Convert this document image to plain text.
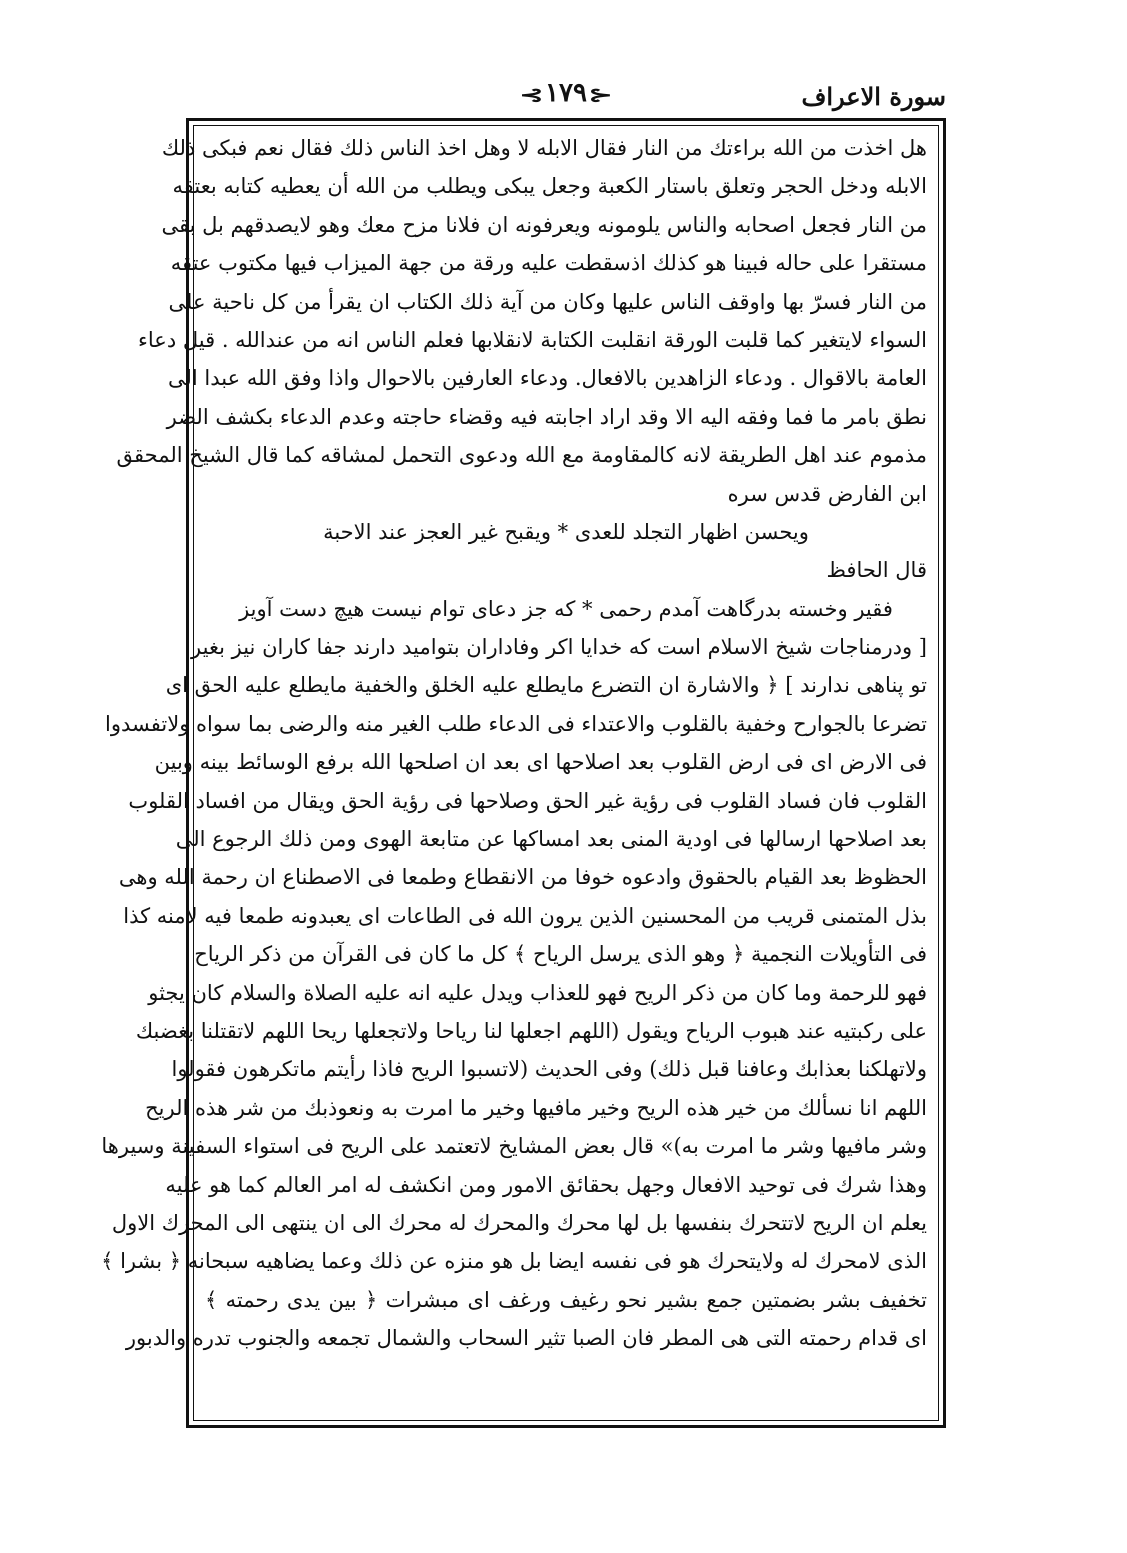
سورة الاعراف
⊰١٧٩⊱
هل اخذت من الله براءتك من النار فقال الابله لا وهل اخذ الناس ذلك فقال نعم فبكى ذلك
الابله ودخل الحجر وتعلق باستار الكعبة وجعل يبكى ويطلب من الله أن يعطيه كتابه بعتقه
من النار فجعل اصحابه والناس يلومونه ويعرفونه ان فلانا مزح معك وهو لايصدقهم بل بقى
مستقرا على حاله فبينا هو كذلك اذسقطت عليه ورقة من جهة الميزاب فيها مكتوب عتقه
من النار فسرّ بها واوقف الناس عليها وكان من آية ذلك الكتاب ان يقرأ من كل ناحية على
السواء لايتغير كما قلبت الورقة انقلبت الكتابة لانقلابها فعلم الناس انه من عندالله . قيل دعاء
العامة بالاقوال . ودعاء الزاهدين بالافعال. ودعاء العارفين بالاحوال واذا وفق الله عبدا الى
نطق بامر ما فما وفقه اليه الا وقد اراد اجابته فيه وقضاء حاجته وعدم الدعاء بكشف الضر
مذموم عند اهل الطريقة لانه كالمقاومة مع الله ودعوى التحمل لمشاقه كما قال الشيخ المحقق
ابن الفارض قدس سره
ويحسن اظهار التجلد للعدى * ويقبح غير العجز عند الاحبة
قال الحافظ
فقير وخسته بدرگاهت آمدم رحمى * كه جز دعاى توام نيست هيچ دست آويز
[ ودرمناجات شيخ الاسلام است كه خدايا اكر وفاداران بتواميد دارند جفا كاران نيز بغير
تو پناهى ندارند ] ﴿ والاشارة ان التضرع مايطلع عليه الخلق والخفية مايطلع عليه الحق اى
تضرعا بالجوارح وخفية بالقلوب والاعتداء فى الدعاء طلب الغير منه والرضى بما سواه ولاتفسدوا
فى الارض اى فى ارض القلوب بعد اصلاحها اى بعد ان اصلحها الله برفع الوسائط بينه وبين
القلوب فان فساد القلوب فى رؤية غير الحق وصلاحها فى رؤية الحق ويقال من افساد القلوب
بعد اصلاحها ارسالها فى اودية المنى بعد امساكها عن متابعة الهوى ومن ذلك الرجوع الى
الحظوظ بعد القيام بالحقوق وادعوه خوفا من الانقطاع وطمعا فى الاصطناع ان رحمة الله وهى
بذل المتمنى قريب من المحسنين الذين يرون الله فى الطاعات اى يعبدونه طمعا فيه لامنه كذا
فى التأويلات النجمية ﴿ وهو الذى يرسل الرياح ﴾ كل ما كان فى القرآن من ذكر الرياح
فهو للرحمة وما كان من ذكر الريح فهو للعذاب ويدل عليه انه عليه الصلاة والسلام كان يجثو
على ركبتيه عند هبوب الرياح ويقول (اللهم اجعلها لنا رياحا ولاتجعلها ريحا اللهم لاتقتلنا بغضبك
ولاتهلكنا بعذابك وعافنا قبل ذلك) وفى الحديث (لاتسبوا الريح فاذا رأيتم ماتكرهون فقولوا
اللهم انا نسألك من خير هذه الريح وخير مافيها وخير ما امرت به ونعوذبك من شر هذه الريح
وشر مافيها وشر ما امرت به)» قال بعض المشايخ لاتعتمد على الريح فى استواء السفينة وسيرها
وهذا شرك فى توحيد الافعال وجهل بحقائق الامور ومن انكشف له امر العالم كما هو عليه
يعلم ان الريح لاتتحرك بنفسها بل لها محرك والمحرك له محرك الى ان ينتهى الى المحرك الاول
الذى لامحرك له ولايتحرك هو فى نفسه ايضا بل هو منزه عن ذلك وعما يضاهيه سبحانه ﴿ بشرا ﴾
تخفيف بشر بضمتين جمع بشير نحو رغيف ورغف اى مبشرات ﴿ بين يدى رحمته ﴾
اى قدام رحمته التى هى المطر فان الصبا تثير السحاب والشمال تجمعه والجنوب تدره والدبور
